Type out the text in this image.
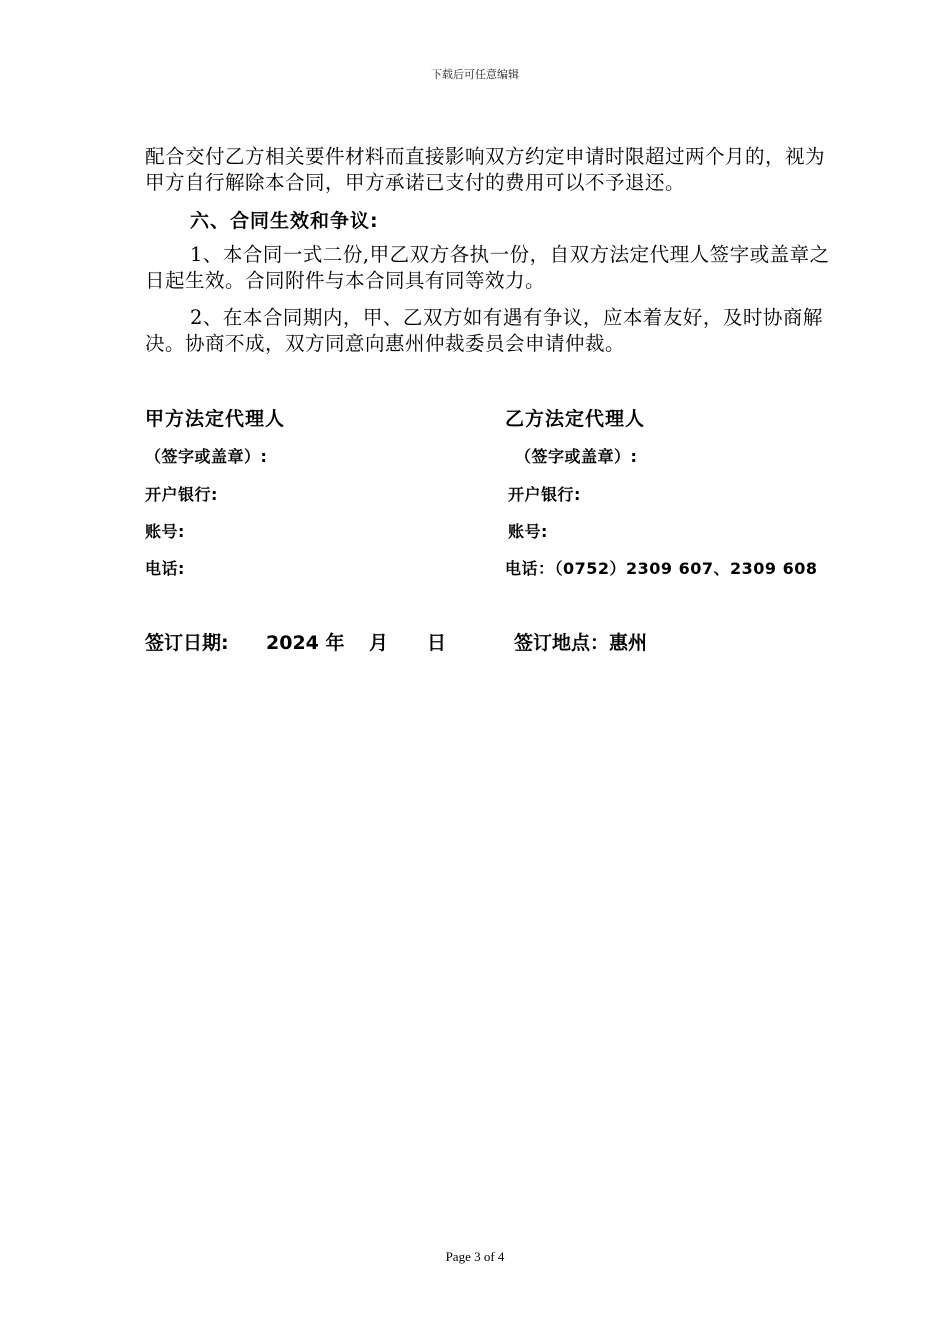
下载后可任意编辑
配合交付乙方相关要件材料而直接影响双方约定申请时限超过两个月的，视为甲方自行解除本合同，甲方承诺已支付的费用可以不予退还。
六、合同生效和争议:
1、本合同一式二份,甲乙双方各执一份，自双方法定代理人签字或盖章之日起生效。合同附件与本合同具有同等效力。
2、在本合同期内，甲、乙双方如有遇有争议，应本着友好，及时协商解决。协商不成，双方同意向惠州仲裁委员会申请仲裁。
甲方法定代理人
（签字或盖章）:
开户银行:
账号:
电话:
乙方法定代理人
（签字或盖章）:
开户银行:
账号:
电话：（0752）2309 607、2309 608
签订日期: 2024 年 月 日	签订地点：惠州
Page 3 of 4
